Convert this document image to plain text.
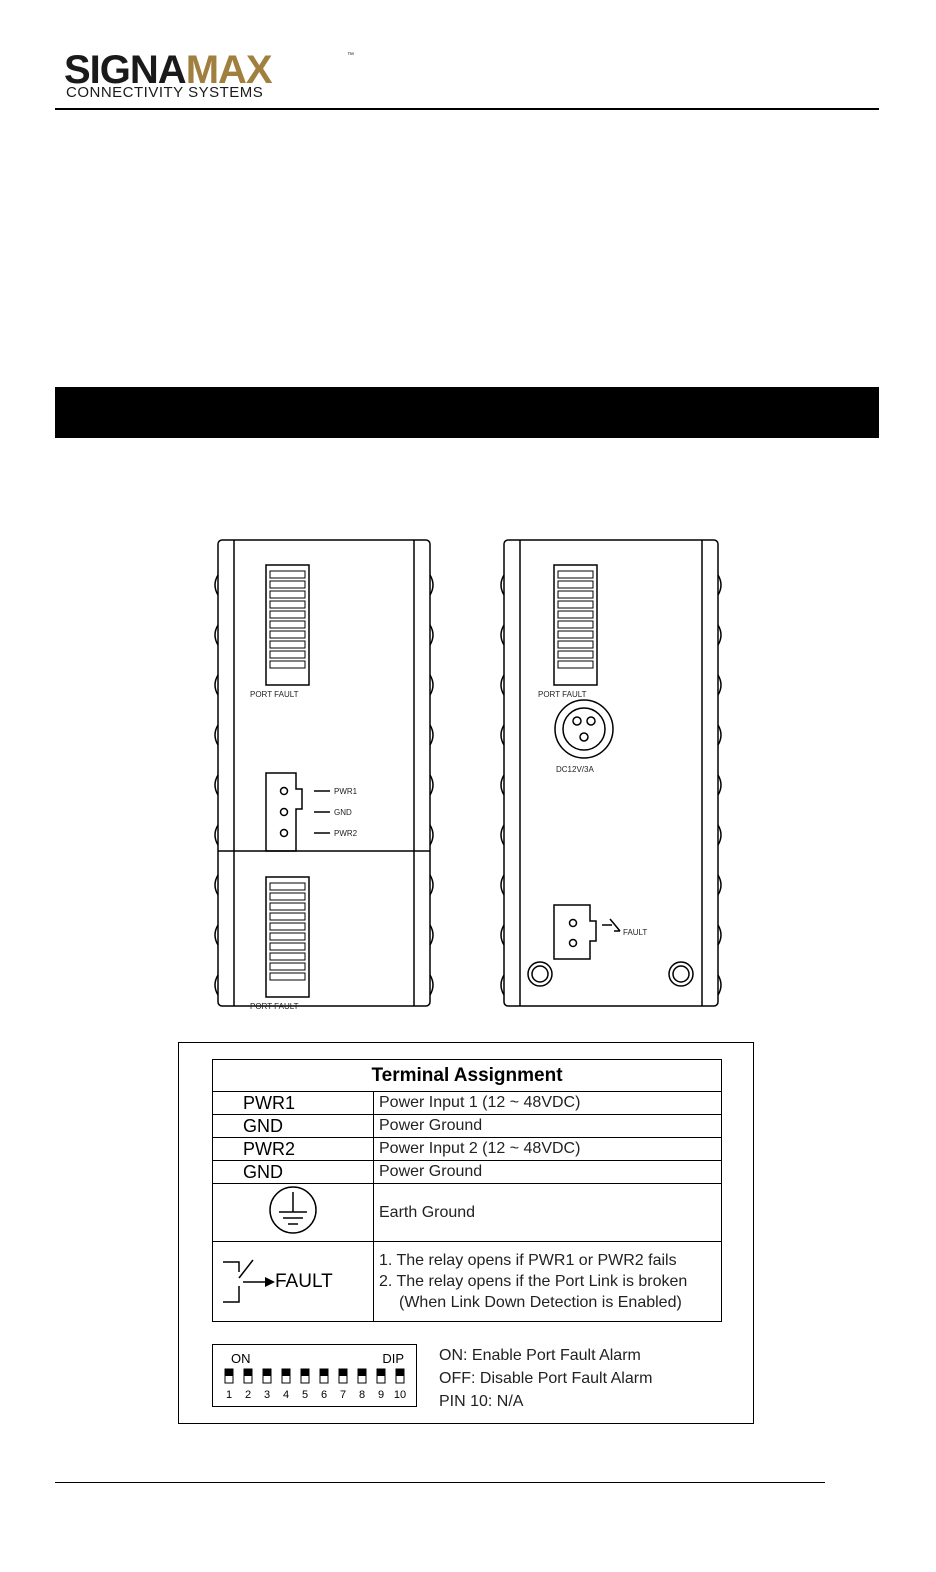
SIGNAMAX	™
CONNECTIVITY SYSTEMS
PORT FAULT
PWR1
GND
PWR2
PORT FAULT
PORT FAULT
DC12V/3A
FAULT
Terminal Assignment	
PWR1	Power Input 1 (12 ~ 48VDC)
GND	Power Ground
PWR2	Power Input 2 (12 ~ 48VDC)
GND	Power Ground
	Earth Ground
FAULT	1. The relay opens if PWR1 or PWR2 fails
2. The relay opens if the Port Link is broken
(When Link Down Detection is Enabled)
ON	DIP
1 2 3 4 5 6 7 8 9 10
ON: Enable Port Fault Alarm
OFF: Disable Port Fault Alarm
PIN 10: N/A
